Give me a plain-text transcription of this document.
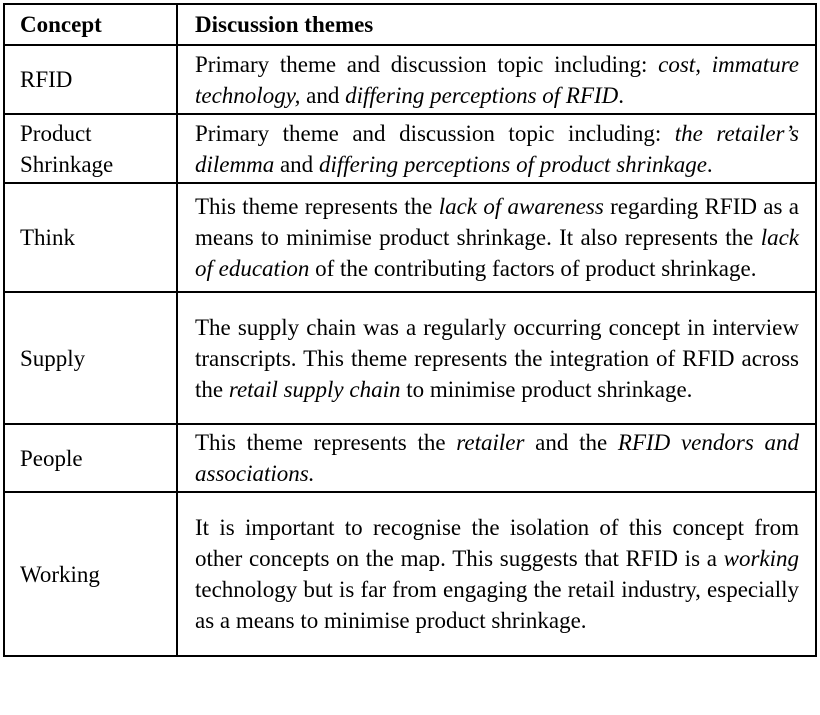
Concept	Discussion themes
RFID	Primary theme and discussion topic including: cost, immature technology, and differing perceptions of RFID.
Product Shrinkage	Primary theme and discussion topic including: the retailer’s dilemma and differing perceptions of product shrinkage.
Think	This theme represents the lack of awareness regarding RFID as a means to minimise product shrinkage. It also represents the lack of education of the contributing factors of product shrinkage.
Supply	The supply chain was a regularly occurring concept in interview transcripts. This theme represents the integration of RFID across the retail supply chain to minimise product shrinkage.
People	This theme represents the retailer and the RFID vendors and associations.
Working	It is important to recognise the isolation of this concept from other concepts on the map. This suggests that RFID is a working technology but is far from engaging the retail industry, especially as a means to minimise product shrinkage.
